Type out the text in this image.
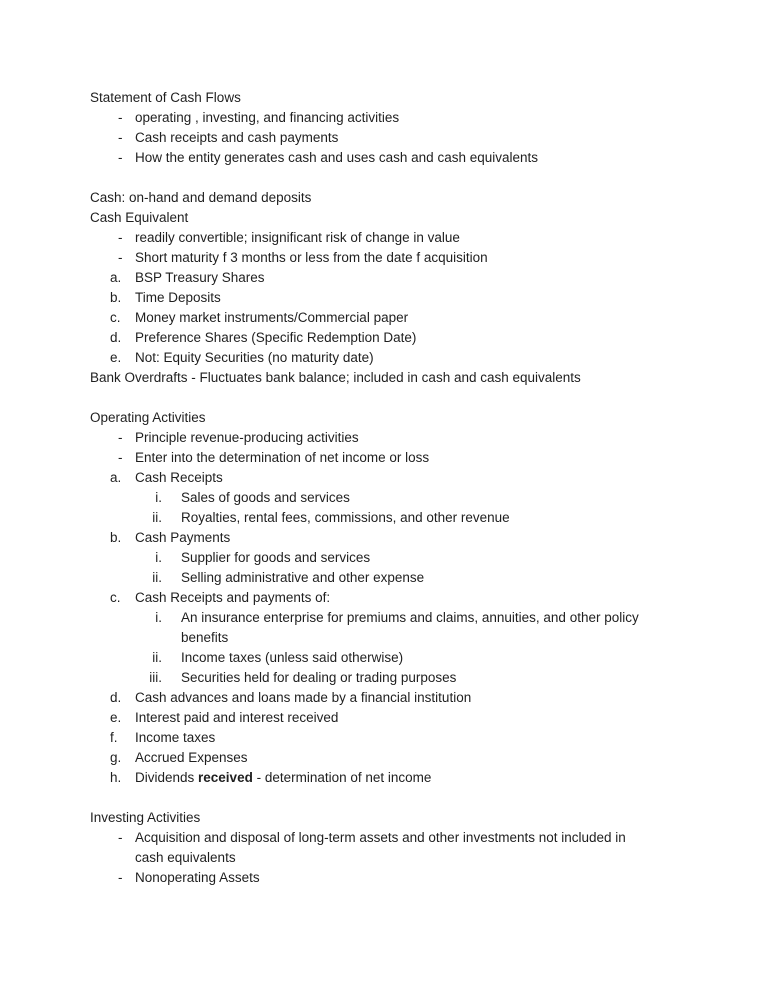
Statement of Cash Flows
- operating , investing, and financing activities
- Cash receipts and cash payments
- How the entity generates cash and uses cash and cash equivalents
Cash: on-hand and demand deposits
Cash Equivalent
- readily convertible; insignificant risk of change in value
- Short maturity f 3 months or less from the date f acquisition
a.	BSP Treasury Shares
b.	Time Deposits
c.	Money market instruments/Commercial paper
d.	Preference Shares (Specific Redemption Date)
e.	Not: Equity Securities (no maturity date)
Bank Overdrafts - Fluctuates bank balance; included in cash and cash equivalents
Operating Activities
- Principle revenue-producing activities
- Enter into the determination of net income or loss
a.	Cash Receipts
i.	Sales of goods and services
ii.	Royalties, rental fees, commissions, and other revenue
b.	Cash Payments
i.	Supplier for goods and services
ii.	Selling administrative and other expense
c.	Cash Receipts and payments of:
i.	An insurance enterprise for premiums and claims, annuities, and other policy
benefits
ii.	Income taxes (unless said otherwise)
iii.	Securities held for dealing or trading purposes
d.	Cash advances and loans made by a financial institution
e.	Interest paid and interest received
f.	Income taxes
g.	Accrued Expenses
h.	Dividends received - determination of net income
Investing Activities
- Acquisition and disposal of long-term assets and other investments not included in
cash equivalents
- Nonoperating Assets
